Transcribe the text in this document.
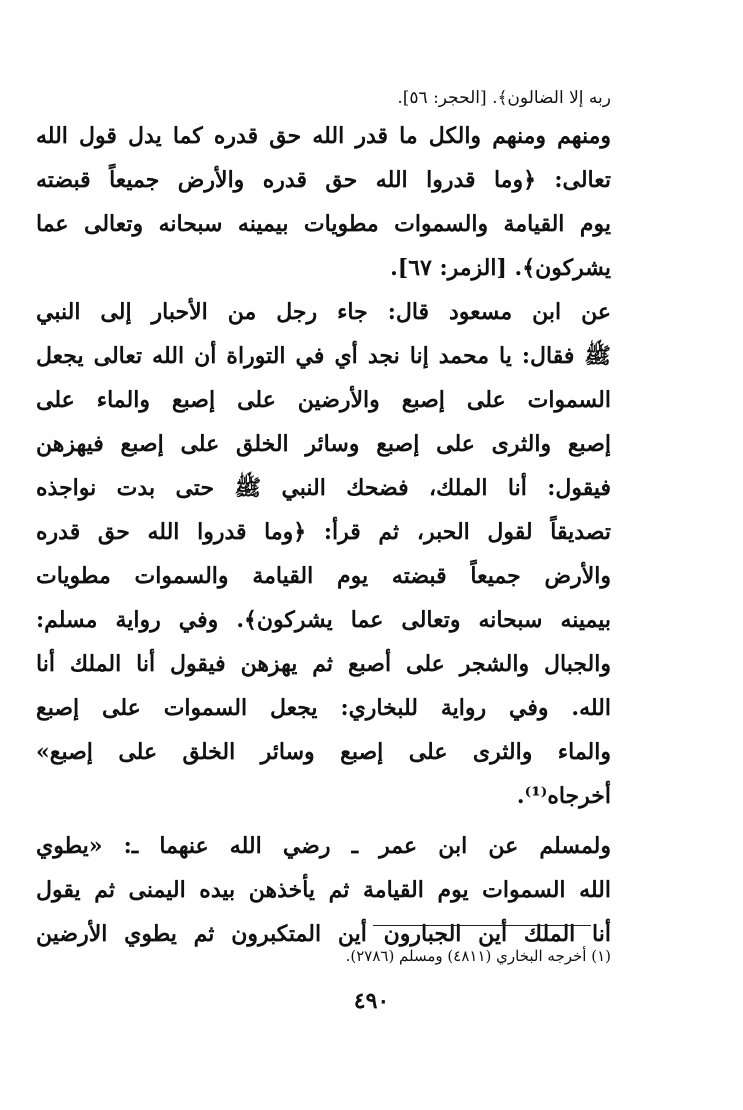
ربه إلا الضالون﴾. [الحجر: ٥٦].
ومنهم ومنهم والكل ما قدر الله حق قدره كما يدل قول الله
تعالى: ﴿وما قدروا الله حق قدره والأرض جميعاً قبضته
يوم القيامة والسموات مطويات بيمينه سبحانه وتعالى عما
يشركون﴾. [الزمر: ٦٧].
عن ابن مسعود قال: جاء رجل من الأحبار إلى النبي
ﷺ فقال: يا محمد إنا نجد أي في التوراة أن الله تعالى يجعل
السموات على إصبع والأرضين على إصبع والماء على
إصبع والثرى على إصبع وسائر الخلق على إصبع فيهزهن
فيقول: أنا الملك، فضحك النبي ﷺ حتى بدت نواجذه
تصديقاً لقول الحبر، ثم قرأ: ﴿وما قدروا الله حق قدره
والأرض جميعاً قبضته يوم القيامة والسموات مطويات
بيمينه سبحانه وتعالى عما يشركون﴾. وفي رواية مسلم:
والجبال والشجر على أصبع ثم يهزهن فيقول أنا الملك أنا
الله. وفي رواية للبخاري: يجعل السموات على إصبع
والماء والثرى على إصبع وسائر الخلق على إصبع»
أخرجاه⁽¹⁾.
ولمسلم عن ابن عمر ـ رضي الله عنهما ـ: «يطوي
الله السموات يوم القيامة ثم يأخذهن بيده اليمنى ثم يقول
أنا الملك أين الجبارون أين المتكبرون ثم يطوي الأرضين
(١) أخرجه البخاري (٤٨١١) ومسلم (٢٧٨٦).
٤٩٠
